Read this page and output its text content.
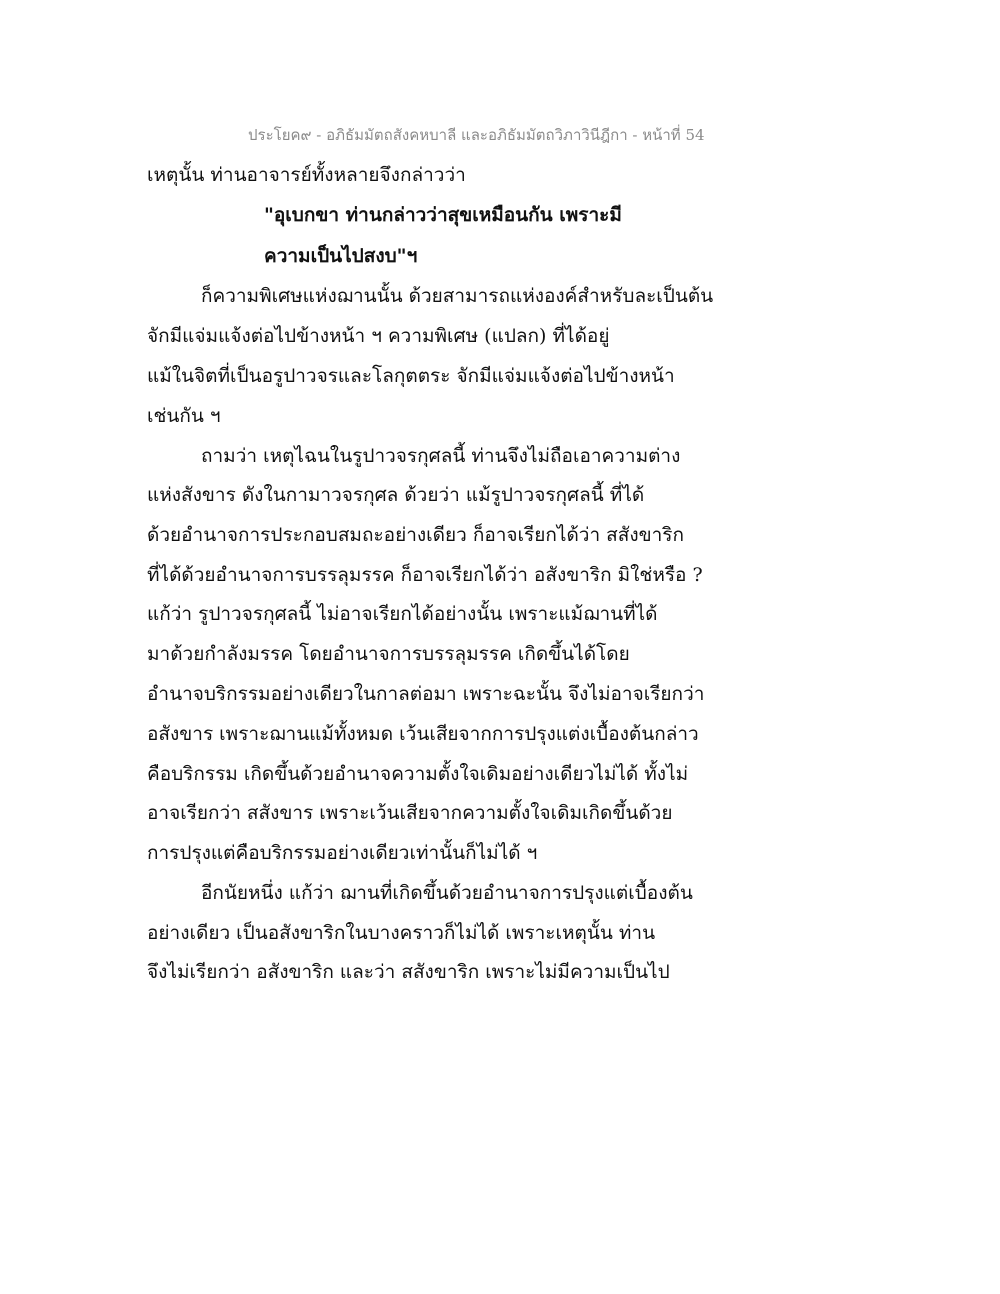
ประโยค๙ - อภิธัมมัตถสังคหบาลี และอภิธัมมัตถวิภาวินีฎีกา - หน้าที่ 54
เหตุนั้น ท่านอาจารย์ทั้งหลายจึงกล่าวว่า
"อุเบกขา ท่านกล่าวว่าสุขเหมือนกัน เพราะมี
ความเป็นไปสงบ"ฯ
ก็ความพิเศษแห่งฌานนั้น ด้วยสามารถแห่งองค์สำหรับละเป็นต้น
จักมีแจ่มแจ้งต่อไปข้างหน้า ฯ ความพิเศษ (แปลก) ที่ได้อยู่
แม้ในจิตที่เป็นอรูปาวจรและโลกุตตระ จักมีแจ่มแจ้งต่อไปข้างหน้า
เช่นกัน ฯ
ถามว่า เหตุไฉนในรูปาวจรกุศลนี้ ท่านจึงไม่ถือเอาความต่าง
แห่งสังขาร ดังในกามาวจรกุศล ด้วยว่า แม้รูปาวจรกุศลนี้ ที่ได้
ด้วยอำนาจการประกอบสมถะอย่างเดียว ก็อาจเรียกได้ว่า สสังขาริก
ที่ได้ด้วยอำนาจการบรรลุมรรค ก็อาจเรียกได้ว่า อสังขาริก มิใช่หรือ ?
แก้ว่า รูปาวจรกุศลนี้ ไม่อาจเรียกได้อย่างนั้น เพราะแม้ฌานที่ได้
มาด้วยกำลังมรรค โดยอำนาจการบรรลุมรรค เกิดขึ้นได้โดย
อำนาจบริกรรมอย่างเดียวในกาลต่อมา เพราะฉะนั้น จึงไม่อาจเรียกว่า
อสังขาร เพราะฌานแม้ทั้งหมด เว้นเสียจากการปรุงแต่งเบื้องต้นกล่าว
คือบริกรรม เกิดขึ้นด้วยอำนาจความตั้งใจเดิมอย่างเดียวไม่ได้ ทั้งไม่
อาจเรียกว่า สสังขาร เพราะเว้นเสียจากความตั้งใจเดิมเกิดขึ้นด้วย
การปรุงแต่คือบริกรรมอย่างเดียวเท่านั้นก็ไม่ได้ ฯ
อีกนัยหนึ่ง แก้ว่า ฌานที่เกิดขึ้นด้วยอำนาจการปรุงแต่เบื้องต้น
อย่างเดียว เป็นอสังขาริกในบางคราวก็ไม่ได้ เพราะเหตุนั้น ท่าน
จึงไม่เรียกว่า อสังขาริก และว่า สสังขาริก เพราะไม่มีความเป็นไป
